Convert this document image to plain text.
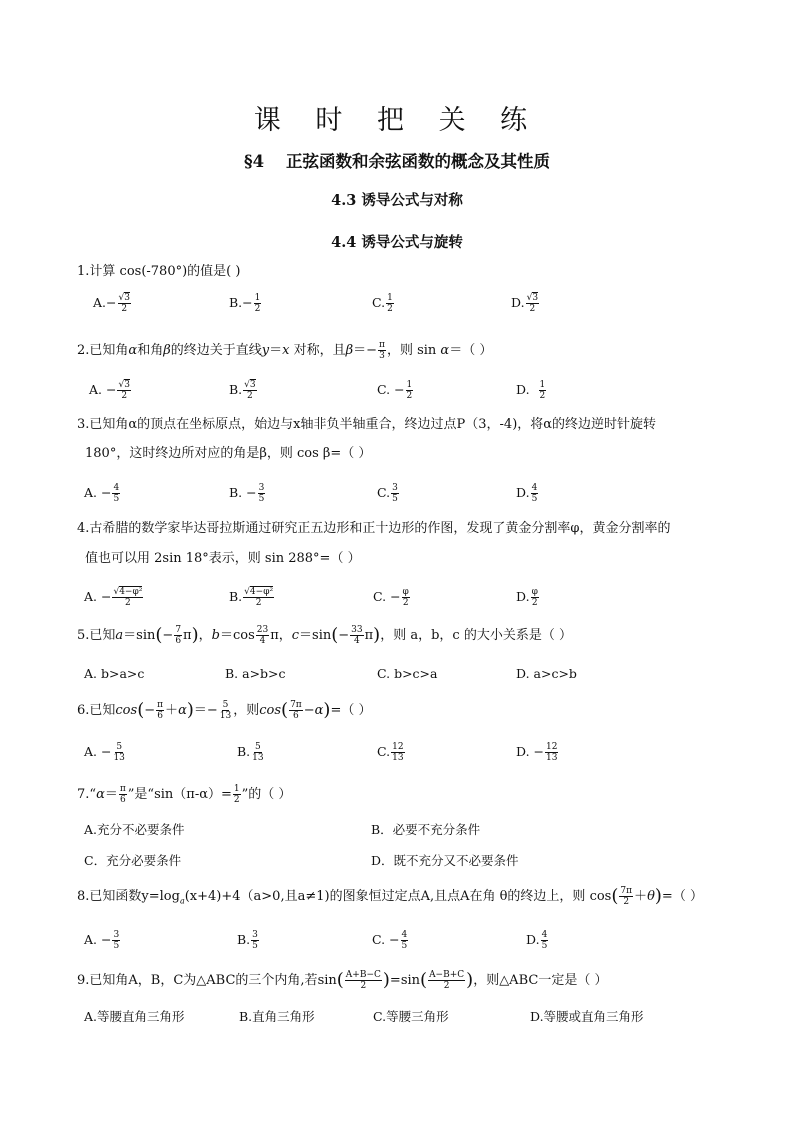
课 时 把 关 练
§4 正弦函数和余弦函数的概念及其性质
4.3 诱导公式与对称
4.4 诱导公式与旋转
1.计算 cos(-780°)的值是( )
$A.- \frac{√3}{2}$	$B.- \frac{1}{2}$	C. $\frac{1}{2}$	D. $\frac{√3}{2}$
2.已知角α和角β的终边关于直线y＝x 对称，且$\beta=- \frac{\pi}{3}$ ，则 sin α＝（ ）
A. − $\frac{√3}{2}$	B. $\frac{√3}{2}$	C. − $\frac{1}{2}$	D. $\frac{1}{2}$
3.已知角α的顶点在坐标原点，始边与x轴非负半轴重合，终边过点P（3，-4)，将α的终边逆时针旋转
180°，这时终边所对应的角是β，则 cos β=（ ）
A. − $\frac{4}{5}$	B. − $\frac{3}{5}$	C. $\frac{3}{5}$	D. $\frac{4}{5}$
4.古希腊的数学家毕达哥拉斯通过研究正五边形和正十边形的作图，发现了黄金分割率φ，黄金分割率的
值也可以用 2sin 18°表示，则 sin 288°=（ ）
A. − $\frac{\text{√4−φ²}}{2}$	B. $\frac{\text{√4−φ²}}{2}$	C. − $\frac{\varphi}{2}$	D. $\frac{\varphi}{2}$
5.已知$a=\sin(- \frac{7}{6} \pi)$，$b=\cos \frac{23}{4}$ π，$c=\sin(- \frac{33}{4} \pi)$，则 a，b，c 的大小关系是（ ）
A. b>a>c	B. a>b>c	C. b>c>a	D. a>c>b
6.已知$\cos(- \frac{\pi}{6} +\alpha)=- \frac{5}{13}$ ，则$\cos( \frac{7\pi}{6} -\alpha)=$（ ）
A. − $\frac{5}{13}$	B. $\frac{5}{13}$	C. $\frac{12}{13}$	D. − $\frac{12}{13}$
7.“α＝ $\frac{\pi}{6}$ ”是“$\sin(\pi-\alpha)= \frac{1}{2}$ ”的（ ）
A.充分不必要条件	B．必要不充分条件
C．充分必要条件	D．既不充分又不必要条件
8.已知函数$y=\log_a(x+4)+4(a>0$,且a≠1)的图象恒过定点A,且点A在角 θ的终边上，则 $\cos( \frac{7\pi}{2} +\theta)=$（ ）
A. − $\frac{3}{5}$	B. $\frac{3}{5}$	C. − $\frac{4}{5}$	D. $\frac{4}{5}$
9.已知角A，B，C为△ABC的三个内角,若$\sin( \frac{A+B-C}{2} )=\sin( \frac{A-B+C}{2}$ )，则△ABC一定是（ ）
A.等腰直角三角形	B.直角三角形	C.等腰三角形	D.等腰或直角三角形
